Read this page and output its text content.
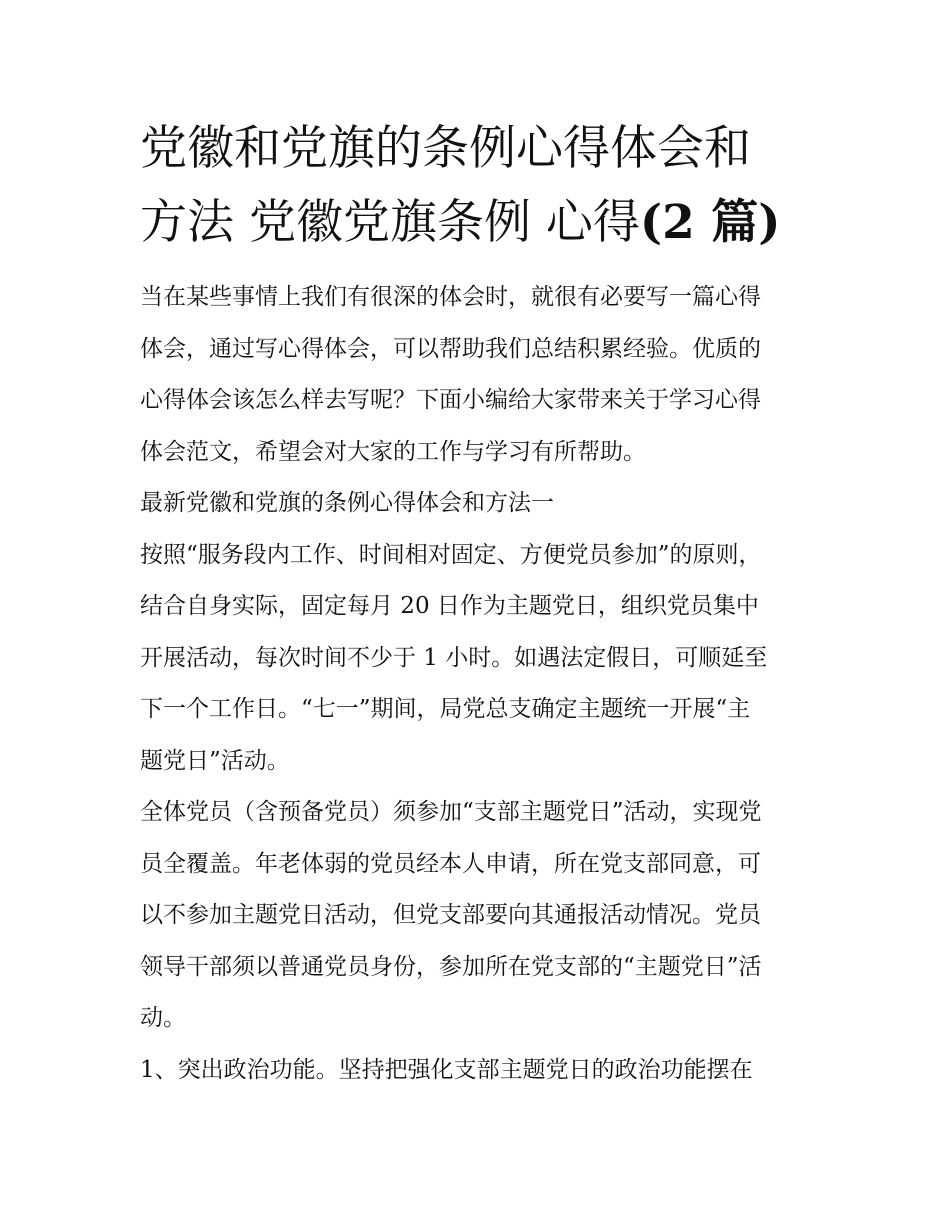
党徽和党旗的条例心得体会和
方法 党徽党旗条例 心得(2 篇)
当在某些事情上我们有很深的体会时，就很有必要写一篇心得
体会，通过写心得体会，可以帮助我们总结积累经验。优质的
心得体会该怎么样去写呢？下面小编给大家带来关于学习心得
体会范文，希望会对大家的工作与学习有所帮助。
最新党徽和党旗的条例心得体会和方法一
按照“服务段内工作、时间相对固定、方便党员参加”的原则，
结合自身实际，固定每月 20 日作为主题党日，组织党员集中
开展活动，每次时间不少于 1 小时。如遇法定假日，可顺延至
下一个工作日。“七一”期间，局党总支确定主题统一开展“主
题党日”活动。
全体党员（含预备党员）须参加“支部主题党日”活动，实现党
员全覆盖。年老体弱的党员经本人申请，所在党支部同意，可
以不参加主题党日活动，但党支部要向其通报活动情况。党员
领导干部须以普通党员身份，参加所在党支部的“主题党日”活
动。
1、突出政治功能。坚持把强化支部主题党日的政治功能摆在
